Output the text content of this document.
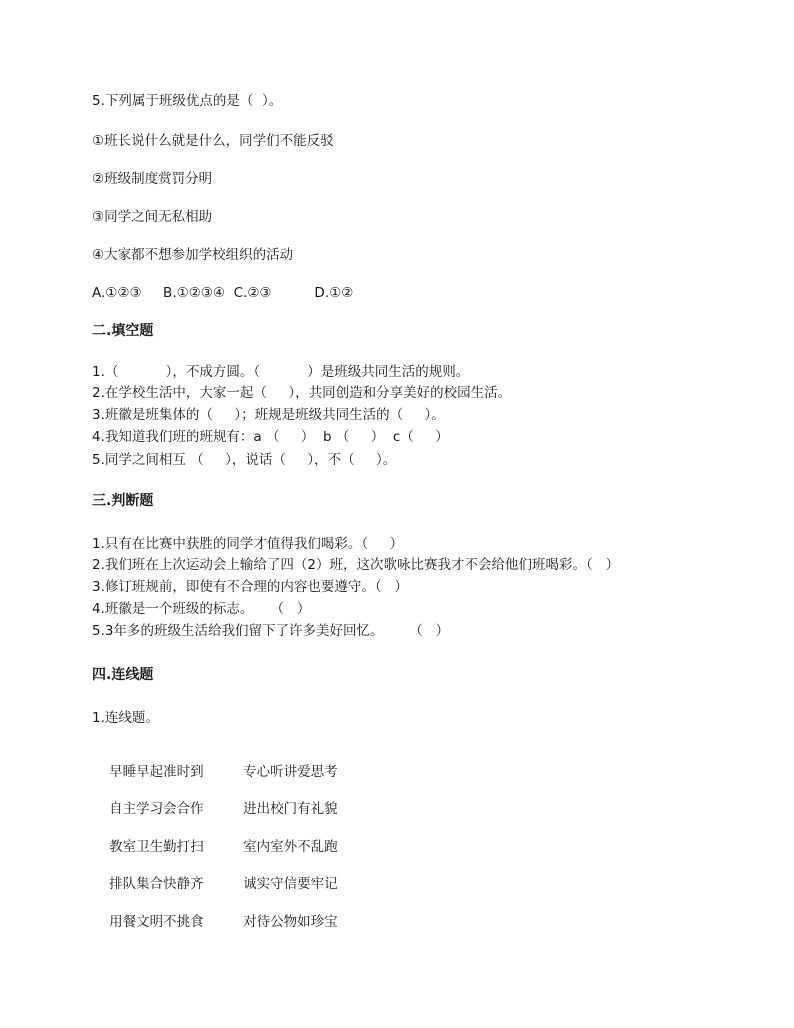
5.下列属于班级优点的是（  ）。
①班长说什么就是什么，同学们不能反驳
②班级制度赏罚分明
③同学之间无私相助
④大家都不想参加学校组织的活动
A.①②③     B.①②③④  C.②③          D.①②
二.填空题
1.（           ），不成方圆。（           ）是班级共同生活的规则。
2.在学校生活中，大家一起（     ），共同创造和分享美好的校园生活。
3.班徽是班集体的（     ）；班规是班级共同生活的（     ）。
4.我知道我们班的班规有：a （     ）  b （     ）  c（     ）
5.同学之间相互 （     ），说话（     ），不（     ）。
三.判断题
1.只有在比赛中获胜的同学才值得我们喝彩。（     ）
2.我们班在上次运动会上输给了四（2）班，这次歌咏比赛我才不会给他们班喝彩。（   ）
3.修订班规前，即使有不合理的内容也要遵守。（   ）
4.班徽是一个班级的标志。    （   ）
5.3年多的班级生活给我们留下了许多美好回忆。      （   ）
四.连线题
1.连线题。

早睡早起准时到	专心听讲爱思考

自主学习会合作	进出校门有礼貌

教室卫生勤打扫	室内室外不乱跑

排队集合快静齐	诚实守信要牢记

用餐文明不挑食	对待公物如珍宝
